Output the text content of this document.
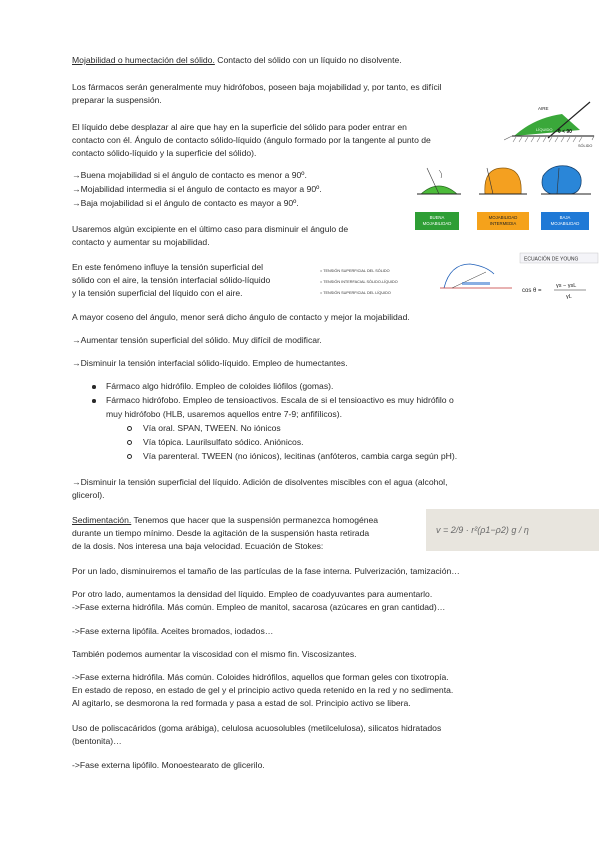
Mojabilidad o humectación del sólido. Contacto del sólido con un líquido no disolvente.
Los fármacos serán generalmente muy hidrófobos, poseen baja mojabilidad y, por tanto, es difícil
preparar la suspensión.
El líquido debe desplazar al aire que hay en la superficie del sólido para poder entrar en
contacto con él. Ángulo de contacto sólido-líquido (ángulo formado por la tangente al punto de
contacto sólido-líquido y la superficie del sólido).
→Buena mojabilidad si el ángulo de contacto es menor a 90º.
→Mojabilidad intermedia si el ángulo de contacto es mayor a 90º.
→Baja mojabilidad si el ángulo de contacto es mayor a 90º.
Usaremos algún excipiente en el último caso para disminuir el ángulo de
contacto y aumentar su mojabilidad.
En este fenómeno influye la tensión superficial del
sólido con el aire, la tensión interfacial sólido-líquido
y la tensión superficial del líquido con el aire.
A mayor coseno del ángulo, menor será dicho ángulo de contacto y mejor la mojabilidad.
→Aumentar tensión superficial del sólido. Muy difícil de modificar.
→Disminuir la tensión interfacial sólido-líquido. Empleo de humectantes.
Fármaco algo hidrófilo. Empleo de coloides liófilos (gomas).
Fármaco hidrófobo. Empleo de tensioactivos. Escala de si el tensioactivo es muy hidrófilo o
muy hidrófobo (HLB, usaremos aquellos entre 7-9; anfifílicos).
Vía oral. SPAN, TWEEN. No iónicos
Vía tópica. Laurilsulfato sódico. Aniónicos.
Vía parenteral. TWEEN (no iónicos), lecitinas (anfóteros, cambia carga según pH).
→Disminuir la tensión superficial del líquido. Adición de disolventes miscibles con el agua (alcohol,
glicerol).
Sedimentación. Tenemos que hacer que la suspensión permanezca homogénea
durante un tiempo mínimo. Desde la agitación de la suspensión hasta retirada
de la dosis. Nos interesa una baja velocidad. Ecuación de Stokes:
Por un lado, disminuiremos el tamaño de las partículas de la fase interna. Pulverización, tamización…
Por otro lado, aumentamos la densidad del líquido. Empleo de coadyuvantes para aumentarlo.
->Fase externa hidrófila. Más común. Empleo de manitol, sacarosa (azúcares en gran cantidad)…
->Fase externa lipófila. Aceites bromados, iodados…
También podemos aumentar la viscosidad con el mismo fin. Viscosizantes.
->Fase externa hidrófila. Más común. Coloides hidrófilos, aquellos que forman geles con tixotropía.
En estado de reposo, en estado de gel y el principio activo queda retenido en la red y no sedimenta.
Al agitarlo, se desmorona la red formada y pasa a estad de sol. Principio activo se libera.
Uso de poliscacáridos (goma arábiga), celulosa acuosolubles (metilcelulosa), silicatos hidratados
(bentonita)…
->Fase externa lipófilo. Monoestearato de glicerilo.
AIRE
LÍQUIDO θ < 90
SÓLIDO
BUENA
MOJABILIDAD
MOJABILIDAD
INTERMEDIA
BAJA
MOJABILIDAD
= TENSIÓN SUPERFICIAL DEL SÓLIDO
= TENSIÓN INTERFACIAL SÓLIDO-LÍQUIDO
= TENSIÓN SUPERFICIAL DEL LÍQUIDO
ECUACIÓN DE YOUNG
cos θ =
γs − γsL
γL
v = 2/9 · r²(ρ1−ρ2) g / η
